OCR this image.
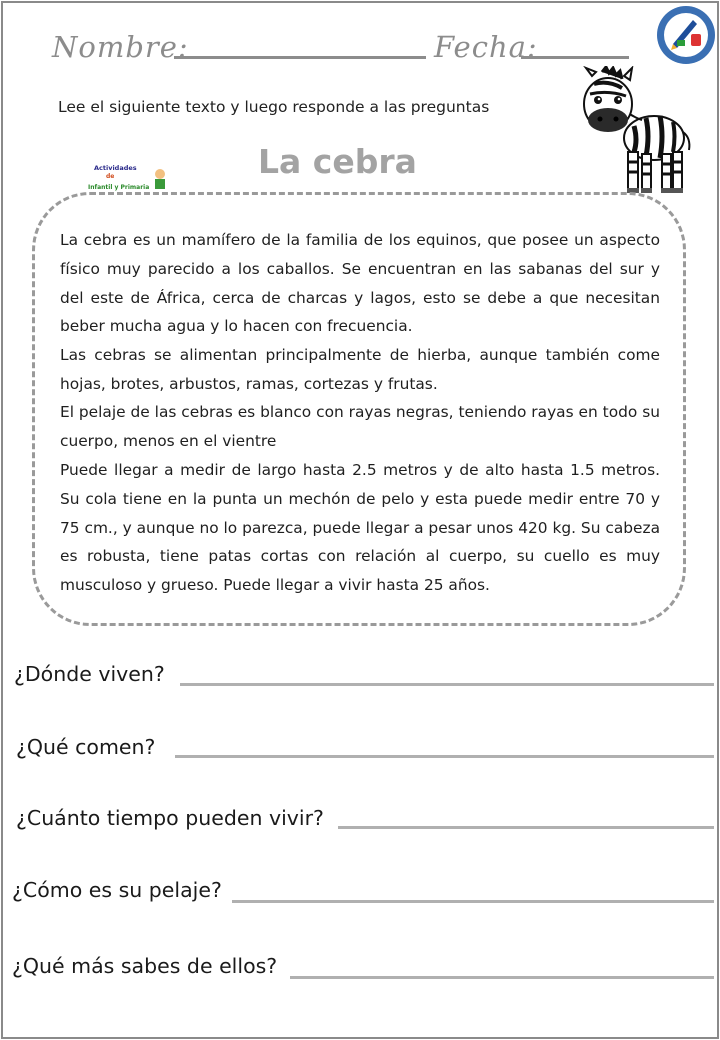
Nombre:	Fecha:
Lee el siguiente texto y luego responde a las preguntas
La cebra
Actividades
de
Infantil y Primaria

La cebra es un mamífero de la familia de los equinos, que posee un aspecto físico muy parecido a los caballos. Se encuentran en las sabanas del sur y del este de África, cerca de charcas y lagos, esto se debe a que necesitan beber mucha agua y lo hacen con frecuencia.

Las cebras se alimentan principalmente de hierba, aunque también come hojas, brotes, arbustos, ramas, cortezas y frutas.

El pelaje de las cebras es blanco con rayas negras, teniendo rayas en todo su cuerpo, menos en el vientre

Puede llegar a medir de largo hasta 2.5 metros y de alto hasta 1.5 metros. Su cola tiene en la punta un mechón de pelo y esta puede medir entre 70 y 75 cm., y aunque no lo parezca, puede llegar a pesar unos 420 kg. Su cabeza es robusta, tiene patas cortas con relación al cuerpo, su cuello es muy musculoso y grueso. Puede llegar a vivir hasta 25 años.

¿Dónde viven?
¿Qué comen?
¿Cuánto tiempo pueden vivir?
¿Cómo es su pelaje?
¿Qué más sabes de ellos?
